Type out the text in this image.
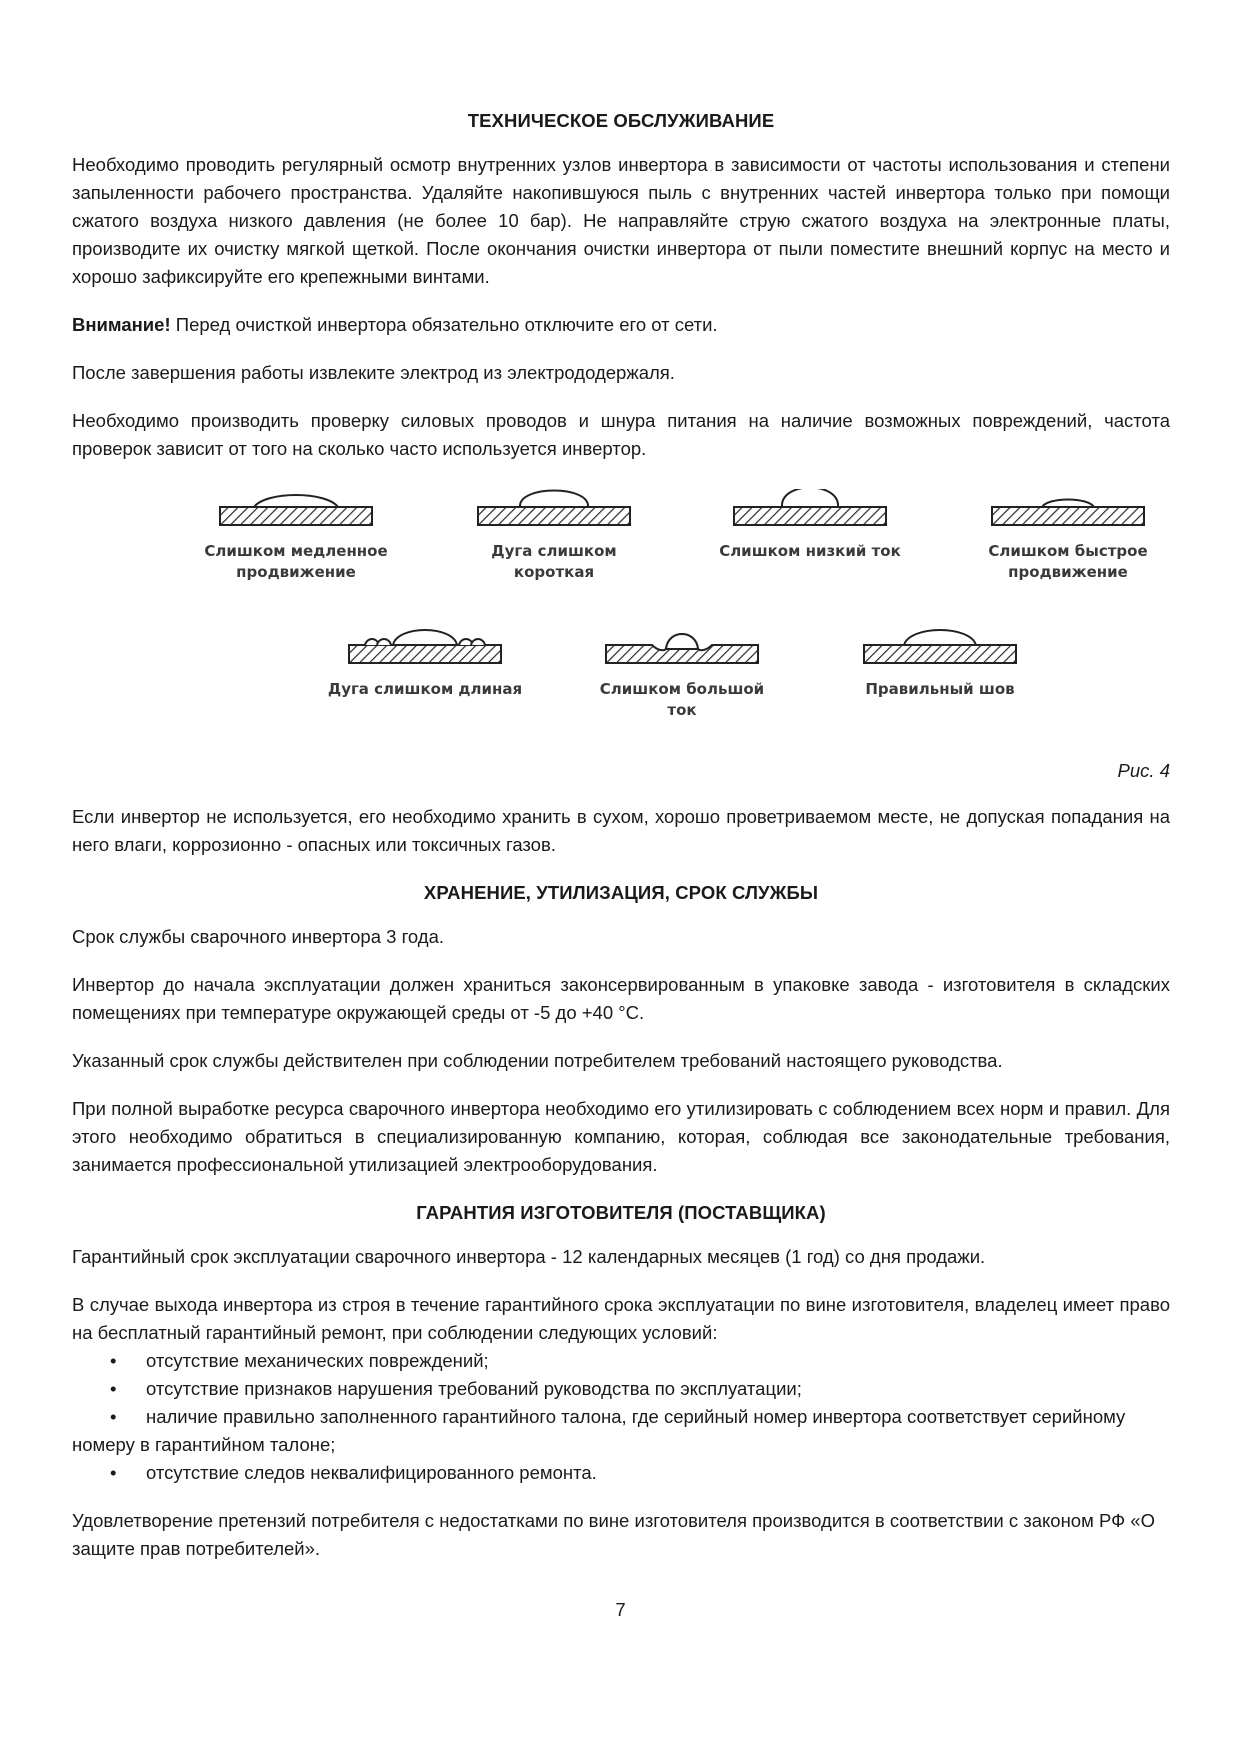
ТЕХНИЧЕСКОЕ ОБСЛУЖИВАНИЕ

Необходимо проводить регулярный осмотр внутренних узлов инвертора в зависимости от частоты использования и степени запыленности рабочего пространства. Удаляйте накопившуюся пыль с внутренних частей инвертора только при помощи сжатого воздуха низкого давления (не более 10 бар). Не направляйте струю сжатого воздуха на электронные платы, производите их очистку мягкой щеткой. После окончания очистки инвертора от пыли поместите внешний корпус на место и хорошо зафиксируйте его крепежными винтами.

Внимание! Перед очисткой инвертора обязательно отключите его от сети.

После завершения работы извлеките электрод из электрододержаля.

Необходимо производить проверку силовых проводов и шнура питания на наличие возможных повреждений, частота проверок зависит от того на сколько часто используется инвертор.

Слишком медленное
продвижение
Дуга слишком
короткая
Слишком низкий ток	Слишком быстрое
продвижение
Дуга слишком длиная	Слишком большой
ток
Правильный шов
Рис. 4

Если инвертор не используется, его необходимо хранить в сухом, хорошо проветриваемом месте, не допуская попадания на него влаги, коррозионно - опасных или токсичных газов.

ХРАНЕНИЕ, УТИЛИЗАЦИЯ, СРОК СЛУЖБЫ

Срок службы сварочного инвертора 3 года.

Инвертор до начала эксплуатации должен храниться законсервированным в упаковке завода - изготовителя в складских помещениях при температуре окружающей среды от -5 до +40 °С.

Указанный срок службы действителен при соблюдении потребителем требований настоящего руководства.

При полной выработке ресурса сварочного инвертора необходимо его утилизировать с соблюдением всех норм и правил. Для этого необходимо обратиться в специализированную компанию, которая, соблюдая все законодательные требования, занимается профессиональной утилизацией электрооборудования.

ГАРАНТИЯ ИЗГОТОВИТЕЛЯ (ПОСТАВЩИКА)

Гарантийный срок эксплуатации сварочного инвертора - 12 календарных месяцев (1 год) со дня продажи.

В случае выхода инвертора из строя в течение гарантийного срока эксплуатации по вине изготовителя, владелец имеет право на бесплатный гарантийный ремонт, при соблюдении следующих условий:

• отсутствие механических повреждений;
• отсутствие признаков нарушения требований руководства по эксплуатации;
• наличие правильно заполненного гарантийного талона, где серийный номер инвертора соответствует серийному номеру в гарантийном талоне;
• отсутствие следов неквалифицированного ремонта.

Удовлетворение претензий потребителя с недостатками по вине изготовителя производится в соответствии с законом РФ «О защите прав потребителей».

7
